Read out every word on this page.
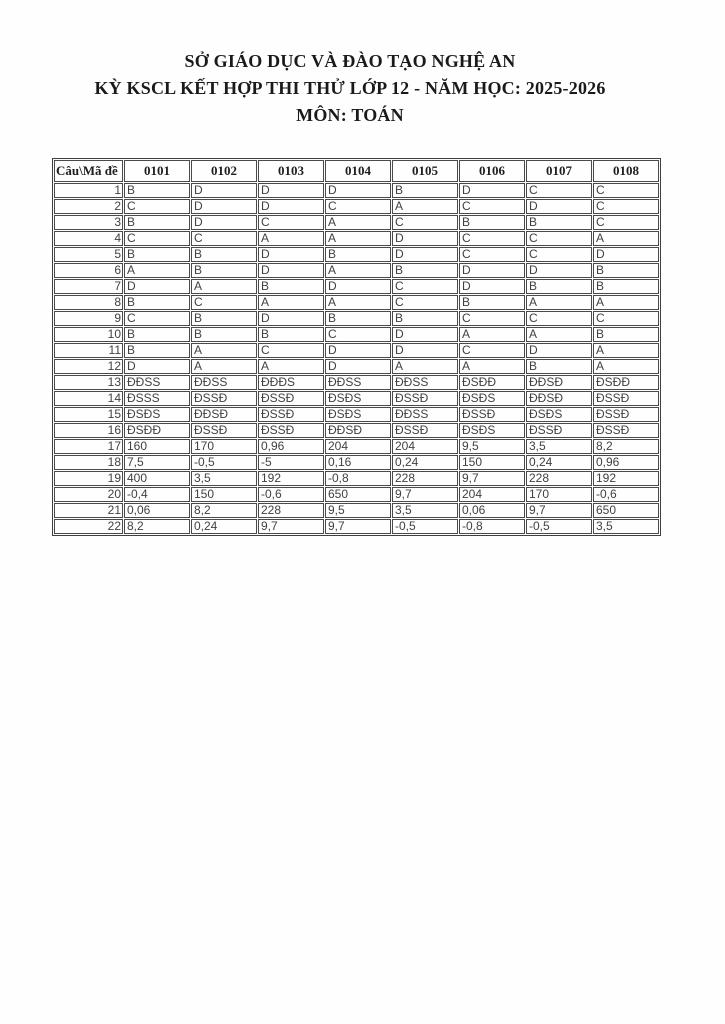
SỞ GIÁO DỤC VÀ ĐÀO TẠO NGHỆ AN
KỲ KSCL KẾT HỢP THI THỬ LỚP 12 - NĂM HỌC: 2025-2026
MÔN: TOÁN
Câu\Mã đề	0101	0102	0103	0104	0105	0106	0107	0108
1	B	D	D	D	B	D	C	C
2	C	D	D	C	A	C	D	C
3	B	D	C	A	C	B	B	C
4	C	C	A	A	D	C	C	A
5	B	B	D	B	D	C	C	D
6	A	B	D	A	B	D	D	B
7	D	A	B	D	C	D	B	B
8	B	C	A	A	C	B	A	A
9	C	B	D	B	B	C	C	C
10	B	B	B	C	D	A	A	B
11	B	A	C	D	D	C	D	A
12	D	A	A	D	A	A	B	A
13	ĐĐSS	ĐĐSS	ĐĐĐS	ĐĐSS	ĐĐSS	ĐSĐĐ	ĐĐSĐ	ĐSĐĐ
14	ĐSSS	ĐSSĐ	ĐSSĐ	ĐSĐS	ĐSSĐ	ĐSĐS	ĐĐSĐ	ĐSSĐ
15	ĐSĐS	ĐĐSĐ	ĐSSĐ	ĐSĐS	ĐĐSS	ĐSSĐ	ĐSĐS	ĐSSĐ
16	ĐSĐĐ	ĐSSĐ	ĐSSĐ	ĐĐSĐ	ĐSSĐ	ĐSĐS	ĐSSĐ	ĐSSĐ
17	160	170	0,96	204	204	9,5	3,5	8,2
18	7,5	-0,5	-5	0,16	0,24	150	0,24	0,96
19	400	3,5	192	-0,8	228	9,7	228	192
20	-0,4	150	-0,6	650	9,7	204	170	-0,6
21	0,06	8,2	228	9,5	3,5	0,06	9,7	650
22	8,2	0,24	9,7	9,7	-0,5	-0,8	-0,5	3,5
